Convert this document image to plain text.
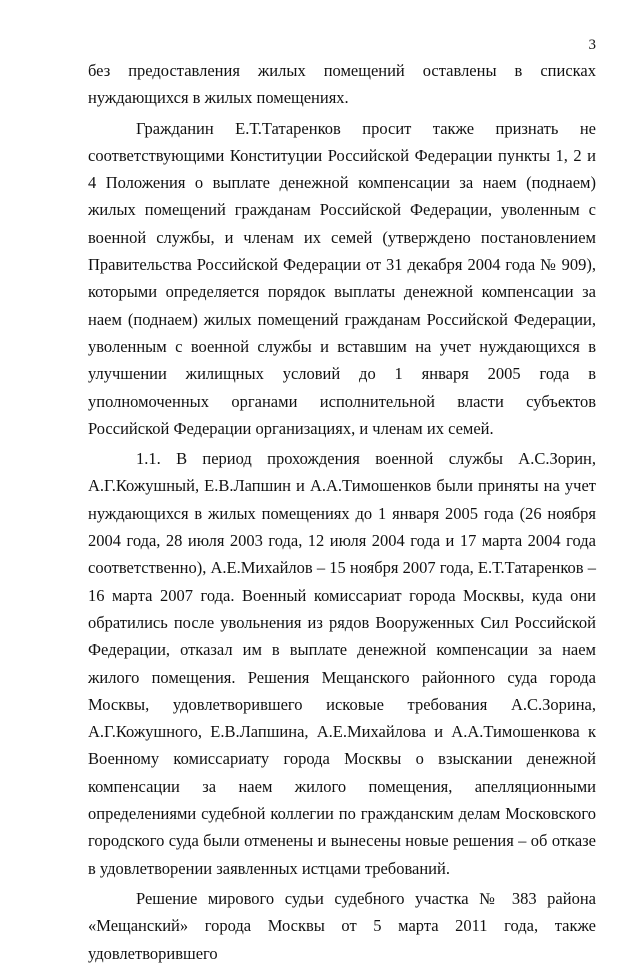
3

без предоставления жилых помещений оставлены в списках нуждающихся в жилых помещениях.

Гражданин Е.Т.Татаренков просит также признать не соответствующими Конституции Российской Федерации пункты 1, 2 и 4 Положения о выплате денежной компенсации за наем (поднаем) жилых помещений гражданам Российской Федерации, уволенным с военной службы, и членам их семей (утверждено постановлением Правительства Российской Федерации от 31 декабря 2004 года № 909), которыми определяется порядок выплаты денежной компенсации за наем (поднаем) жилых помещений гражданам Российской Федерации, уволенным с военной службы и вставшим на учет нуждающихся в улучшении жилищных условий до 1 января 2005 года в уполномоченных органами исполнительной власти субъектов Российской Федерации организациях, и членам их семей.

1.1. В период прохождения военной службы А.С.Зорин, А.Г.Кожушный, Е.В.Лапшин и А.А.Тимошенков были приняты на учет нуждающихся в жилых помещениях до 1 января 2005 года (26 ноября 2004 года, 28 июля 2003 года, 12 июля 2004 года и 17 марта 2004 года соответственно), А.Е.Михайлов – 15 ноября 2007 года, Е.Т.Татаренков – 16 марта 2007 года. Военный комиссариат города Москвы, куда они обратились после увольнения из рядов Вооруженных Сил Российской Федерации, отказал им в выплате денежной компенсации за наем жилого помещения. Решения Мещанского районного суда города Москвы, удовлетворившего исковые требования А.С.Зорина, А.Г.Кожушного, Е.В.Лапшина, А.Е.Михайлова и А.А.Тимошенкова к Военному комиссариату города Москвы о взыскании денежной компенсации за наем жилого помещения, апелляционными определениями судебной коллегии по гражданским делам Московского городского суда были отменены и вынесены новые решения – об отказе в удовлетворении заявленных истцами требований.

Решение мирового судьи судебного участка № 383 района «Мещанский» города Москвы от 5 марта 2011 года, также удовлетворившего
